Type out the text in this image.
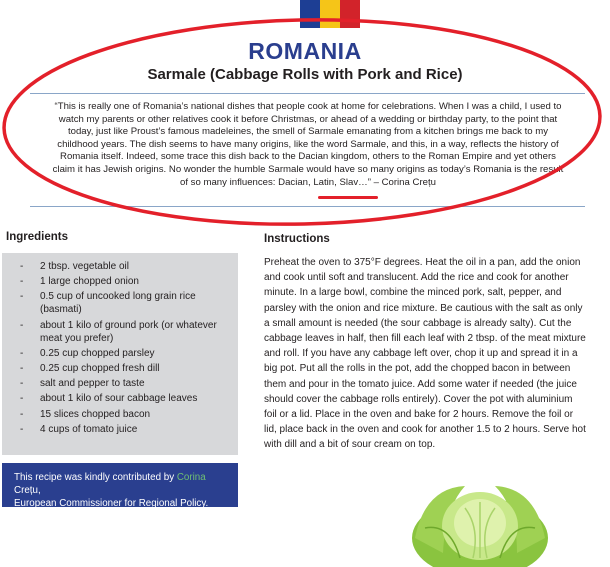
ROMANIA
Sarmale (Cabbage Rolls with Pork and Rice)
“This is really one of Romania’s national dishes that people cook at home for celebrations. When I was a child, I used to watch my parents or other relatives cook it before Christmas, or ahead of a wedding or birthday party, to the point that today, just like Proust’s famous madeleines, the smell of Sarmale emanating from a kitchen brings me back to my childhood years. The dish seems to have many origins, like the word Sarmale, and this, in a way, reflects the history of Romania itself. Indeed, some trace this dish back to the Dacian kingdom, others to the Roman Empire and yet others claim it has Jewish origins. No wonder the humble Sarmale would have so many origins as today’s Romania is the result of so many influences: Dacian, Latin, Slav…” – Corina Crețu
Ingredients
- 2 tbsp. vegetable oil
- 1 large chopped onion
- 0.5 cup of uncooked long grain rice (basmati)
- about 1 kilo of ground pork (or whatever meat you prefer)
- 0.25 cup chopped parsley
- 0.25 cup chopped fresh dill
- salt and pepper to taste
- about 1 kilo of sour cabbage leaves
- 15 slices chopped bacon
- 4 cups of tomato juice
This recipe was kindly contributed by Corina Crețu,
European Commissioner for Regional Policy.
Instructions
Preheat the oven to 375°F degrees. Heat the oil in a pan, add the onion and cook until soft and translucent. Add the rice and cook for another minute. In a large bowl, combine the minced pork, salt, pepper, and parsley with the onion and rice mixture. Be cautious with the salt as only a small amount is needed (the sour cabbage is already salty). Cut the cabbage leaves in half, then fill each leaf with 2 tbsp. of the meat mixture and roll. If you have any cabbage left over, chop it up and spread it in a big pot. Put all the rolls in the pot, add the chopped bacon in between them and pour in the tomato juice. Add some water if needed (the juice should cover the cabbage rolls entirely). Cover the pot with aluminium foil or a lid. Place in the oven and bake for 2 hours. Remove the foil or lid, place back in the oven and cook for another 1.5 to 2 hours. Serve hot with dill and a bit of sour cream on top.
